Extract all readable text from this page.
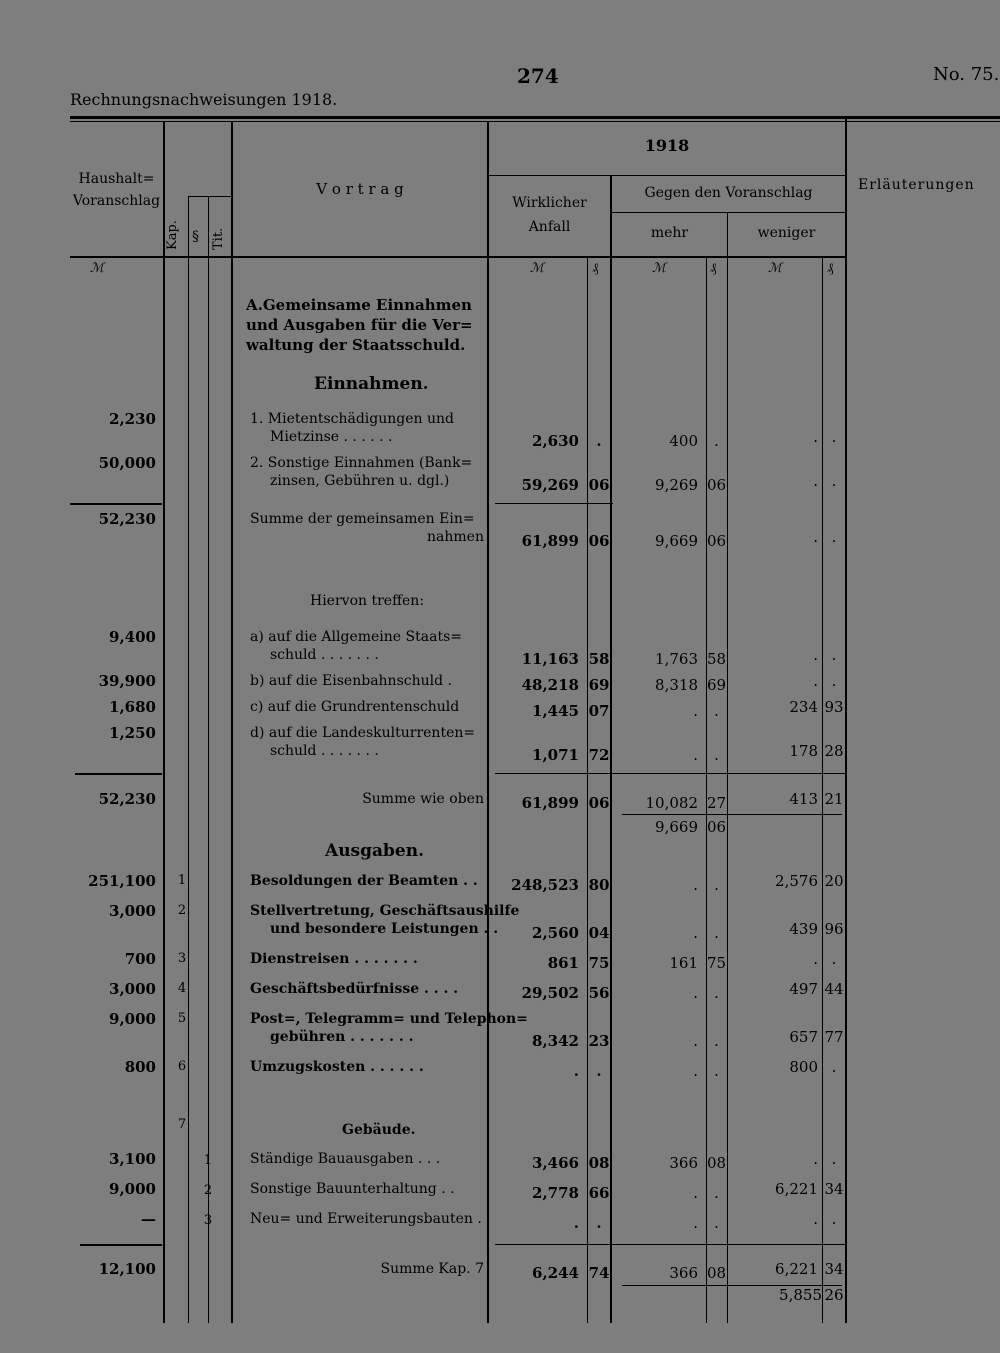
Rechnungsnachweisungen 1918.
274	No. 75.
Haushalt=
Voranschlag
Kap. § Tit.
V o r t r a g
1918
Wirklicher
Anfall
Gegen den Voranschlag
mehr	weniger
Erläuterungen
ℳ	ℳ	₰	ℳ	₰	ℳ	₰
A.Gemeinsame Einnahmen
und Ausgaben für die Ver=
waltung der Staatsschuld.
Einnahmen.
Hiervon treffen:
Ausgaben.
Gebäude.
2,230	1. Mietentschädigungen und
Mietzinse . . . . . .	2,630	.	400	.	. .
50,000	2. Sonstige Einnahmen (Bank=
zinsen, Gebühren u. dgl.)	59,269 06	9,269 06	. .
52,230	Summe der gemeinsamen Ein=
nahmen	61,899 06	9,669 06	. .
9,400	a) auf die Allgemeine Staats=
schuld . . . . . . .	11,163 58	1,763 58	. .
39,900	b) auf die Eisenbahnschuld .	48,218 69	8,318 69	. .
1,680	c) auf die Grundrentenschuld	1,445 07	.	.	234 93
1,250	d) auf die Landeskulturrenten=
schuld . . . . . . .	1,071 72	.	.	178 28
52,230	Summe wie oben	61,899 06	10,082 27	413 21
9,669 06
251,100 1	Besoldungen der Beamten . .	248,523 80	.	.	2,576 20
3,000 2	Stellvertretung, Geschäftsaushilfe
und besondere Leistungen . .	2,560 04	.	.	439 96
700 3	Dienstreisen . . . . . . .	861 75	161 75	. .
3,000 4	Geschäftsbedürfnisse . . . .	29,502 56	.	.	497 44
9,000 5	Post=, Telegramm= und Telephon=
gebühren . . . . . . .	8,342 23	.	.	657 77
800 6	Umzugskosten . . . . . .	.	.	.	.	800 .
7
3,100	1	Ständige Bauausgaben . . .	3,466 08	366 08	. .
9,000	2	Sonstige Bauunterhaltung . .	2,778 66	.	.	6,221 34
—	3	Neu= und Erweiterungsbauten .	.	.	.	.	. .
12,100	Summe Kap. 7	6,244 74	366 08	6,221 34
5,855 26
